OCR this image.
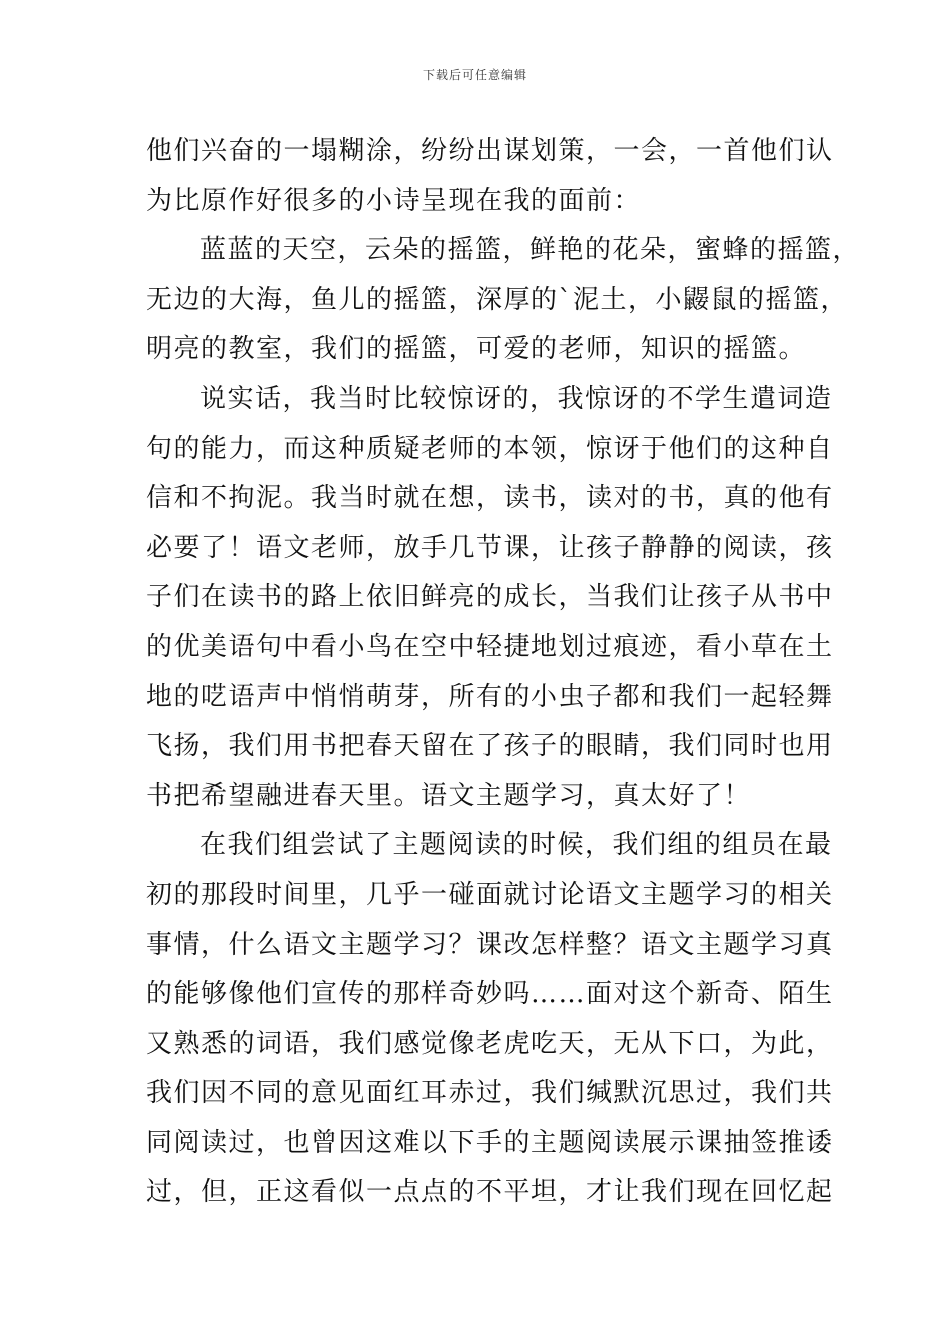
下载后可任意编辑
他们兴奋的一塌糊涂，纷纷出谋划策，一会，一首他们认
为比原作好很多的小诗呈现在我的面前：
蓝蓝的天空，云朵的摇篮，鲜艳的花朵，蜜蜂的摇篮，
无边的大海，鱼儿的摇篮，深厚的`泥土，小鼹鼠的摇篮，
明亮的教室，我们的摇篮，可爱的老师，知识的摇篮。
说实话，我当时比较惊讶的，我惊讶的不学生遣词造
句的能力，而这种质疑老师的本领，惊讶于他们的这种自
信和不拘泥。我当时就在想，读书，读对的书，真的他有
必要了！语文老师，放手几节课，让孩子静静的阅读，孩
子们在读书的路上依旧鲜亮的成长，当我们让孩子从书中
的优美语句中看小鸟在空中轻捷地划过痕迹，看小草在土
地的呓语声中悄悄萌芽，所有的小虫子都和我们一起轻舞
飞扬，我们用书把春天留在了孩子的眼睛，我们同时也用
书把希望融进春天里。语文主题学习，真太好了！
在我们组尝试了主题阅读的时候，我们组的组员在最
初的那段时间里，几乎一碰面就讨论语文主题学习的相关
事情，什么语文主题学习？课改怎样整？语文主题学习真
的能够像他们宣传的那样奇妙吗……面对这个新奇、陌生
又熟悉的词语，我们感觉像老虎吃天，无从下口，为此，
我们因不同的意见面红耳赤过，我们缄默沉思过，我们共
同阅读过，也曾因这难以下手的主题阅读展示课抽签推诿
过，但，正这看似一点点的不平坦，才让我们现在回忆起
